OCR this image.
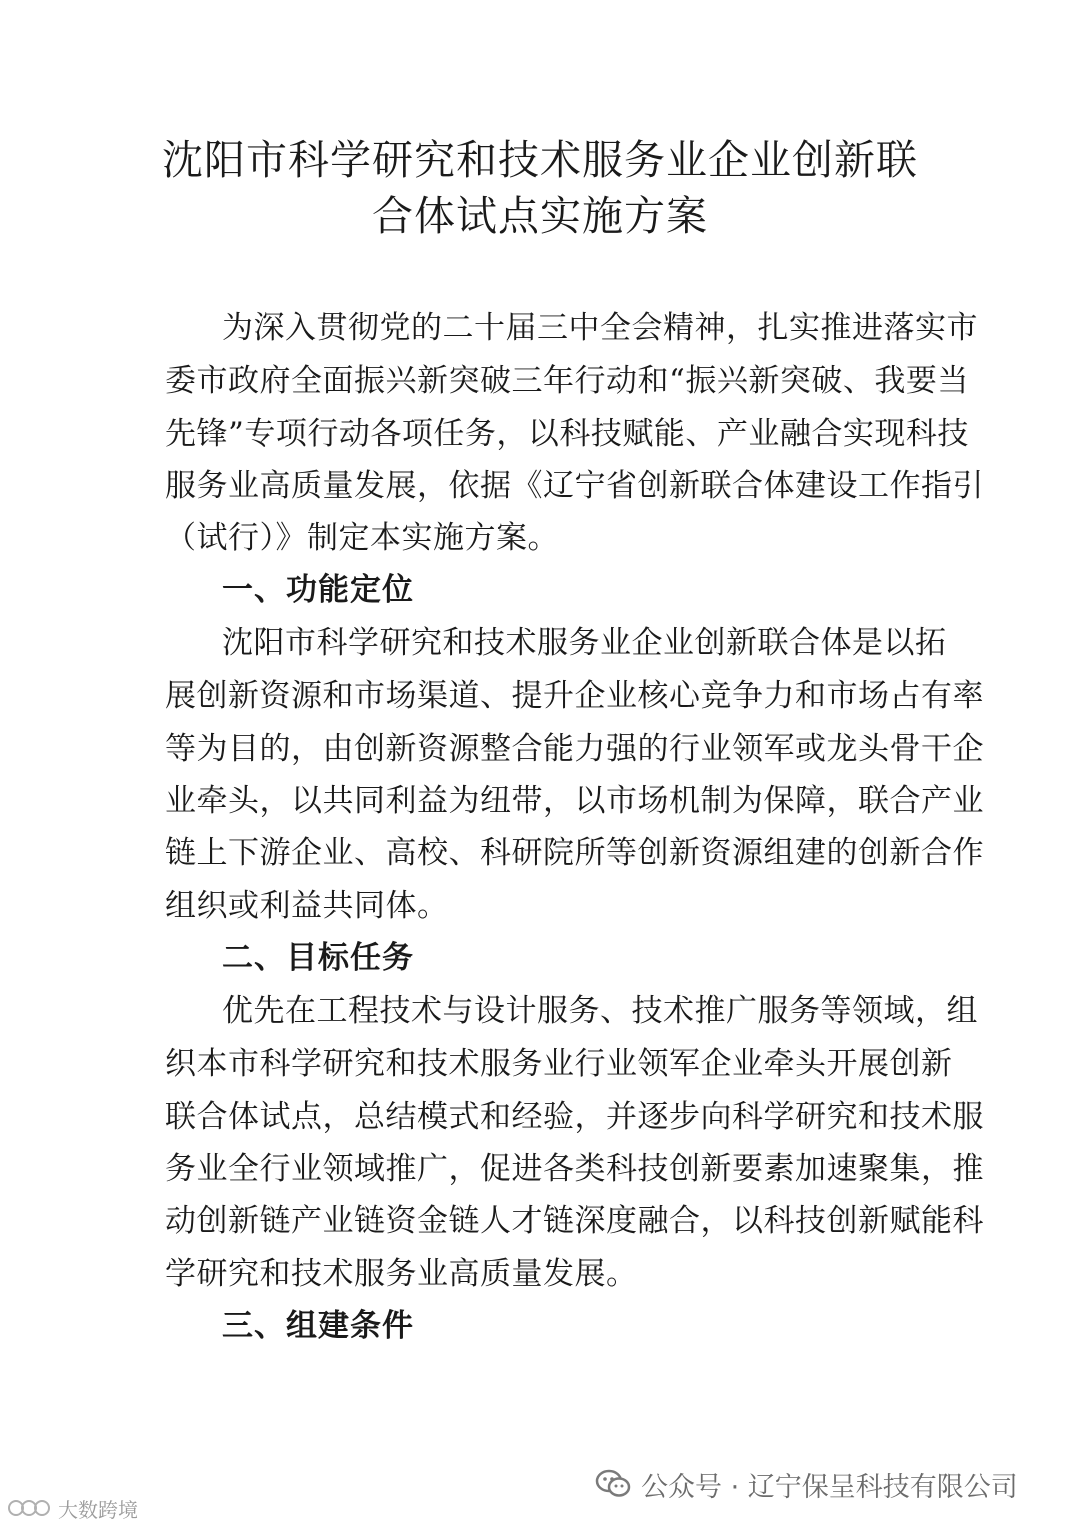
沈阳市科学研究和技术服务业企业创新联
合体试点实施方案
为深入贯彻党的二十届三中全会精神，扎实推进落实市
委市政府全面振兴新突破三年行动和“振兴新突破、我要当
先锋”专项行动各项任务，以科技赋能、产业融合实现科技
服务业高质量发展，依据《辽宁省创新联合体建设工作指引
（试行）》制定本实施方案。
一、功能定位
沈阳市科学研究和技术服务业企业创新联合体是以拓
展创新资源和市场渠道、提升企业核心竞争力和市场占有率
等为目的，由创新资源整合能力强的行业领军或龙头骨干企
业牵头，以共同利益为纽带，以市场机制为保障，联合产业
链上下游企业、高校、科研院所等创新资源组建的创新合作
组织或利益共同体。
二、目标任务
优先在工程技术与设计服务、技术推广服务等领域，组
织本市科学研究和技术服务业行业领军企业牵头开展创新
联合体试点，总结模式和经验，并逐步向科学研究和技术服
务业全行业领域推广，促进各类科技创新要素加速聚集，推
动创新链产业链资金链人才链深度融合，以科技创新赋能科
学研究和技术服务业高质量发展。
三、组建条件
公众号 · 辽宁保呈科技有限公司
大数跨境
